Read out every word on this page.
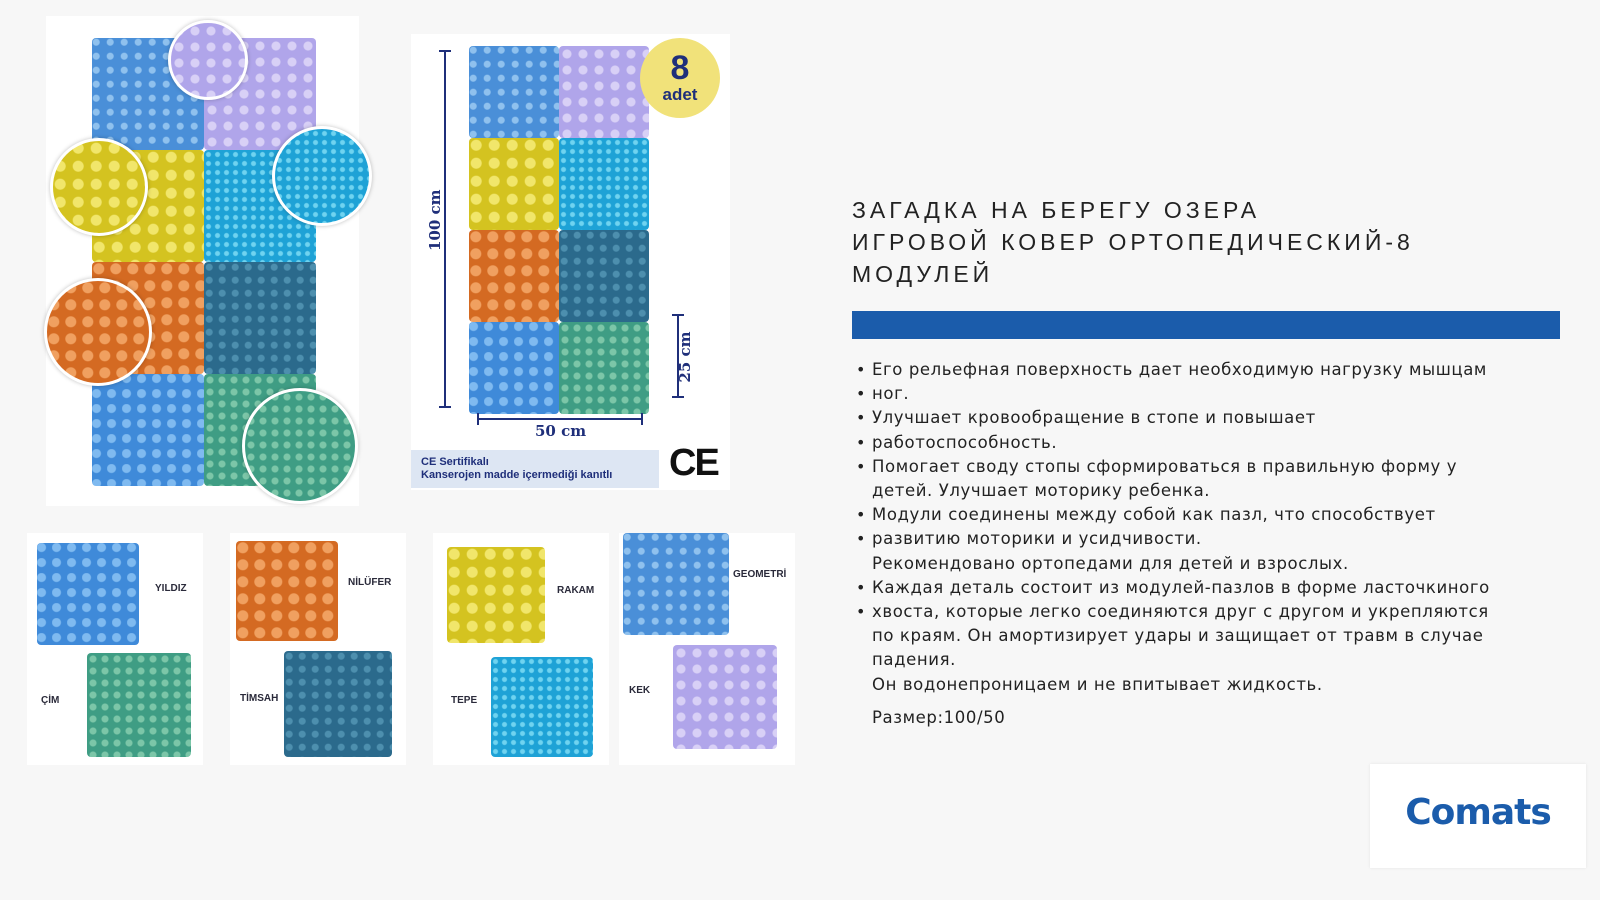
8
adet
100 cm
25 cm
50 cm
CE Sertifikalı
Kanserojen madde içermediği kanıtlı	CE
YILDIZ
ÇİM
NİLÜFER
TİMSAH
RAKAM
TEPE
GEOMETRİ
KEK
ЗАГАДКА НА БЕРЕГУ ОЗЕРА
ИГРОВОЙ КОВЕР ОРТОПЕДИЧЕСКИЙ-8
МОДУЛЕЙ
• Его рельефная поверхность дает необходимую нагрузку мышцам
• ног.
• Улучшает кровообращение в стопе и повышает
• работоспособность.
• Помогает своду стопы сформироваться в правильную форму у
детей. Улучшает моторику ребенка.
• Модули соединены между собой как пазл, что способствует
• развитию моторики и усидчивости.
Рекомендовано ортопедами для детей и взрослых.
• Каждая деталь состоит из модулей-пазлов в форме ласточкиного
• хвоста, которые легко соединяются друг с другом и укрепляются
по краям. Он амортизирует удары и защищает от травм в случае
падения.
Он водонепроницаем и не впитывает жидкость.
Размер:100/50
Comats
